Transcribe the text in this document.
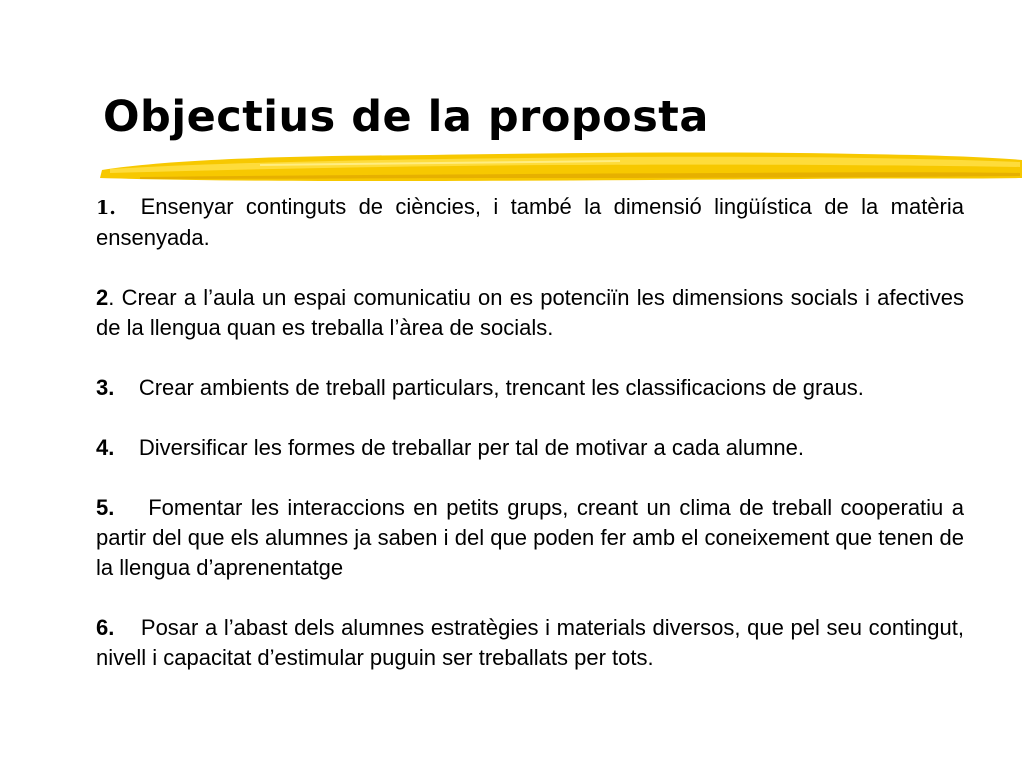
Objectius de la proposta

1. Ensenyar continguts de ciències, i també la dimensió lingüística de la matèria ensenyada.

2. Crear a l’aula un espai comunicatiu on es potenciïn les dimensions socials i afectives de la llengua quan es treballa l’àrea de socials.

3. Crear ambients de treball particulars, trencant les classificacions de graus.

4. Diversificar les formes de treballar per tal de motivar a cada alumne.

5. Fomentar les interaccions en petits grups, creant un clima de treball cooperatiu a partir del que els alumnes ja saben i del que poden fer amb el coneixement que tenen de la llengua d’aprenentatge

6. Posar a l’abast dels alumnes estratègies i materials diversos, que pel seu contingut, nivell i capacitat d’estimular puguin ser treballats per tots.
